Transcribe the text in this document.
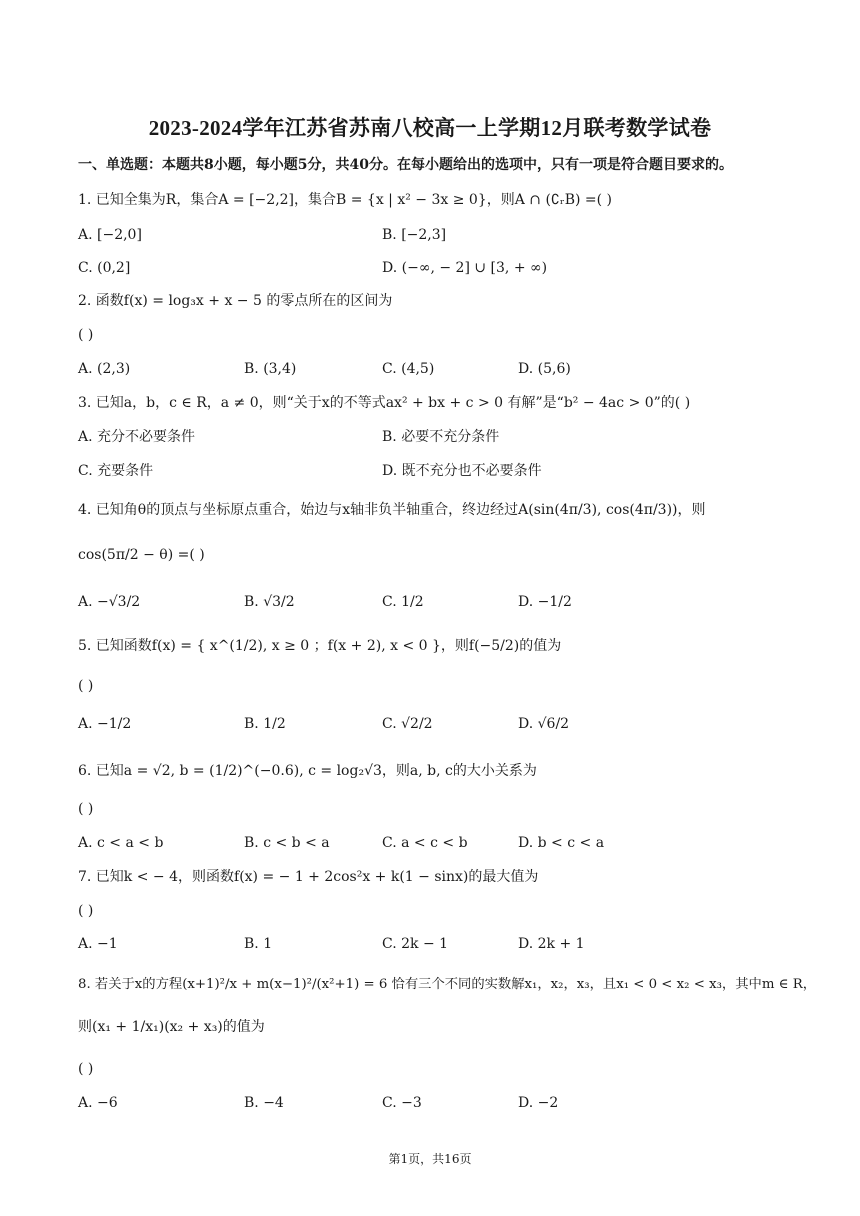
2023-2024学年江苏省苏南八校高一上学期12月联考数学试卷
一、单选题：本题共8小题，每小题5分，共40分。在每小题给出的选项中，只有一项是符合题目要求的。
1. 已知全集为R，集合A = [−2,2]，集合B = {x | x² − 3x ≥ 0}，则A ∩ (∁ᵣB) =( )
A. [−2,0]	B. [−2,3]
C. (0,2]	D. (−∞, − 2] ∪ [3, + ∞)
2. 函数f(x) = log₃x + x − 5 的零点所在的区间为
( )
A. (2,3)	B. (3,4)	C. (4,5)	D. (5,6)
3. 已知a，b，c ∈ R，a ≠ 0，则“关于x的不等式ax² + bx + c > 0 有解”是“b² − 4ac > 0”的( )
A. 充分不必要条件	B. 必要不充分条件
C. 充要条件	D. 既不充分也不必要条件
4. 已知角θ的顶点与坐标原点重合，始边与x轴非负半轴重合，终边经过A(sin(4π/3), cos(4π/3))，则
cos(5π/2 − θ) =( )
A. −√3/2	B. √3/2	C. 1/2	D. −1/2
5. 已知函数f(x) = { x^(1/2), x ≥ 0 ；f(x + 2), x < 0 }，则f(−5/2)的值为
( )
A. −1/2	B. 1/2	C. √2/2	D. √6/2
6. 已知a = √2, b = (1/2)^(−0.6), c = log₂√3，则a, b, c的大小关系为
( )
A. c < a < b	B. c < b < a	C. a < c < b	D. b < c < a
7. 已知k < − 4，则函数f(x) = − 1 + 2cos²x + k(1 − sinx)的最大值为
( )
A. −1	B. 1	C. 2k − 1	D. 2k + 1
8. 若关于x的方程(x+1)²/x + m(x−1)²/(x²+1) = 6 恰有三个不同的实数解x₁，x₂，x₃，且x₁ < 0 < x₂ < x₃，其中m ∈ R，
则(x₁ + 1/x₁)(x₂ + x₃)的值为
( )
A. −6	B. −4	C. −3	D. −2
第1页，共16页
